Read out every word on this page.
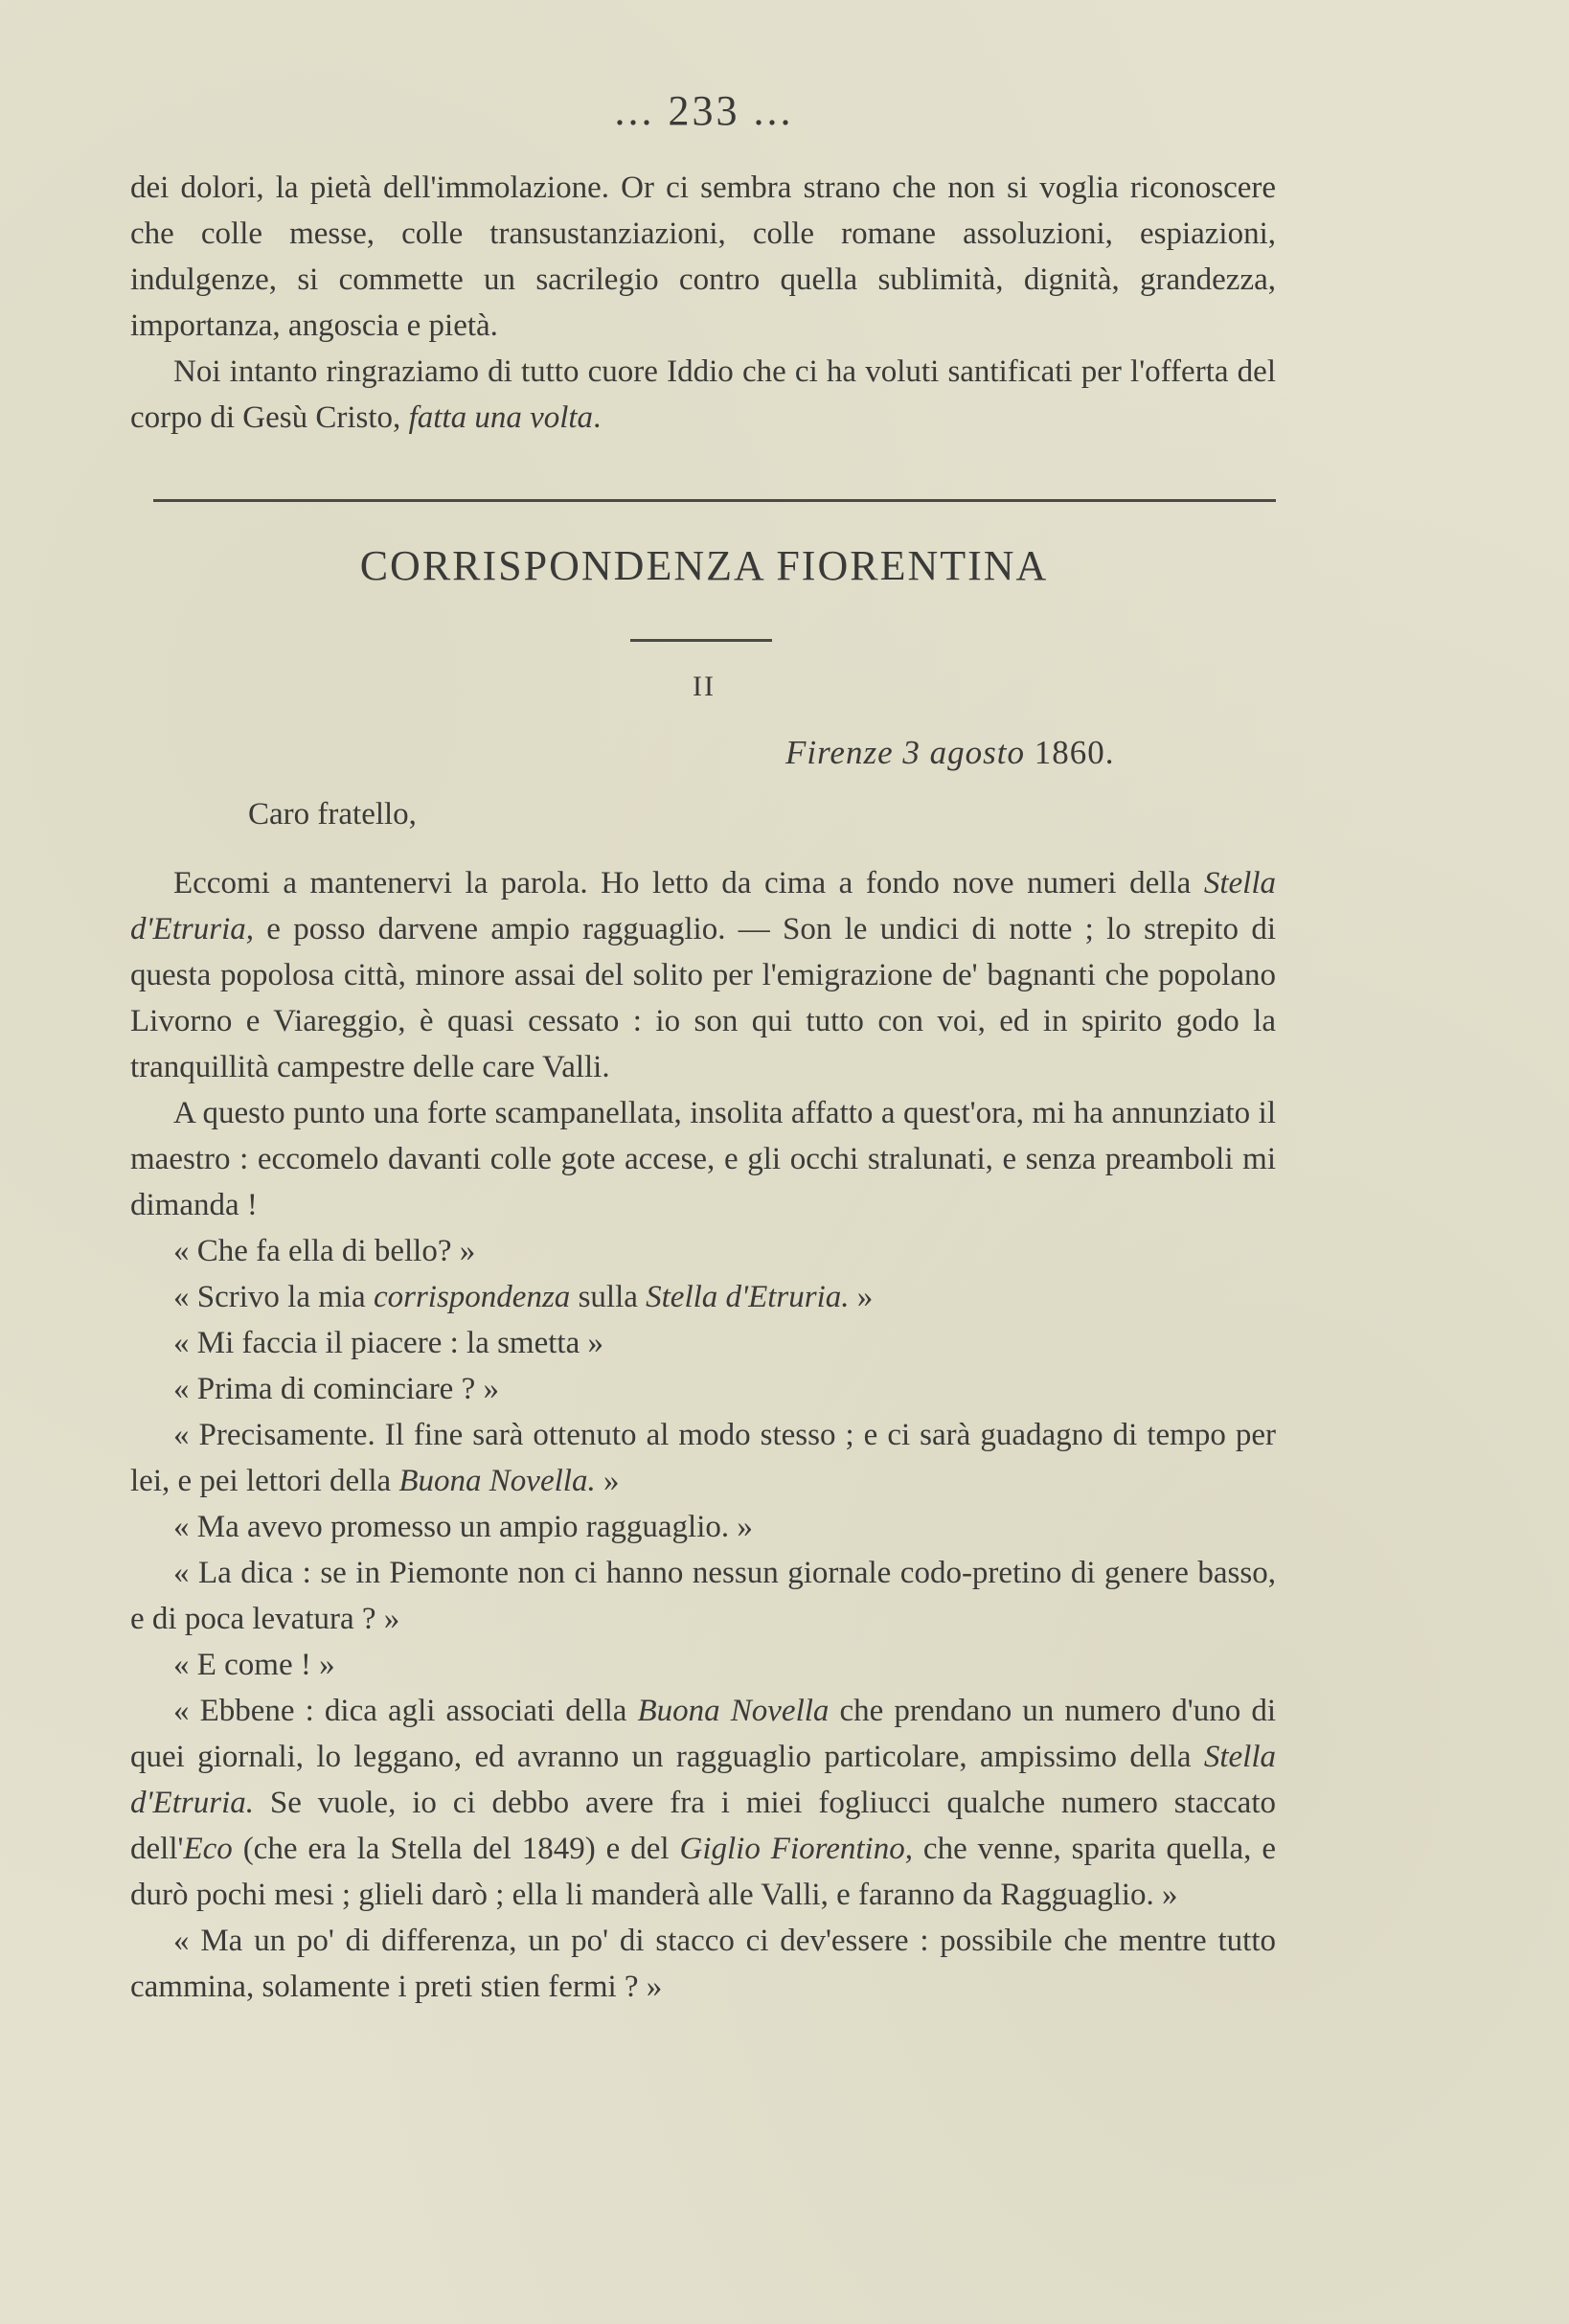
... 233 ...

dei dolori, la pietà dell'immolazione. Or ci sembra strano che non si voglia riconoscere che colle messe, colle transustanziazioni, colle romane assoluzioni, espiazioni, indulgenze, si commette un sacrilegio contro quella sublimità, dignità, grandezza, importanza, angoscia e pietà.

Noi intanto ringraziamo di tutto cuore Iddio che ci ha voluti santificati per l'offerta del corpo di Gesù Cristo, fatta una volta.

CORRISPONDENZA FIORENTINA
II
Firenze 3 agosto 1860.
Caro fratello,

Eccomi a mantenervi la parola. Ho letto da cima a fondo nove numeri della Stella d'Etruria, e posso darvene ampio ragguaglio. — Son le undici di notte ; lo strepito di questa popolosa città, minore assai del solito per l'emigrazione de' bagnanti che popolano Livorno e Viareggio, è quasi cessato : io son qui tutto con voi, ed in spirito godo la tranquillità campestre delle care Valli.

A questo punto una forte scampanellata, insolita affatto a quest'ora, mi ha annunziato il maestro : eccomelo davanti colle gote accese, e gli occhi stralunati, e senza preamboli mi dimanda !

« Che fa ella di bello? »

« Scrivo la mia corrispondenza sulla Stella d'Etruria. »

« Mi faccia il piacere : la smetta »

« Prima di cominciare ? »

« Precisamente. Il fine sarà ottenuto al modo stesso ; e ci sarà guadagno di tempo per lei, e pei lettori della Buona Novella. »

« Ma avevo promesso un ampio ragguaglio. »

« La dica : se in Piemonte non ci hanno nessun giornale codo-pretino di genere basso, e di poca levatura ? »

« E come ! »

« Ebbene : dica agli associati della Buona Novella che prendano un numero d'uno di quei giornali, lo leggano, ed avranno un ragguaglio particolare, ampissimo della Stella d'Etruria. Se vuole, io ci debbo avere fra i miei fogliucci qualche numero staccato dell'Eco (che era la Stella del 1849) e del Giglio Fiorentino, che venne, sparita quella, e durò pochi mesi ; glieli darò ; ella li manderà alle Valli, e faranno da Ragguaglio. »

« Ma un po' di differenza, un po' di stacco ci dev'essere : possibile che mentre tutto cammina, solamente i preti stien fermi ? »
